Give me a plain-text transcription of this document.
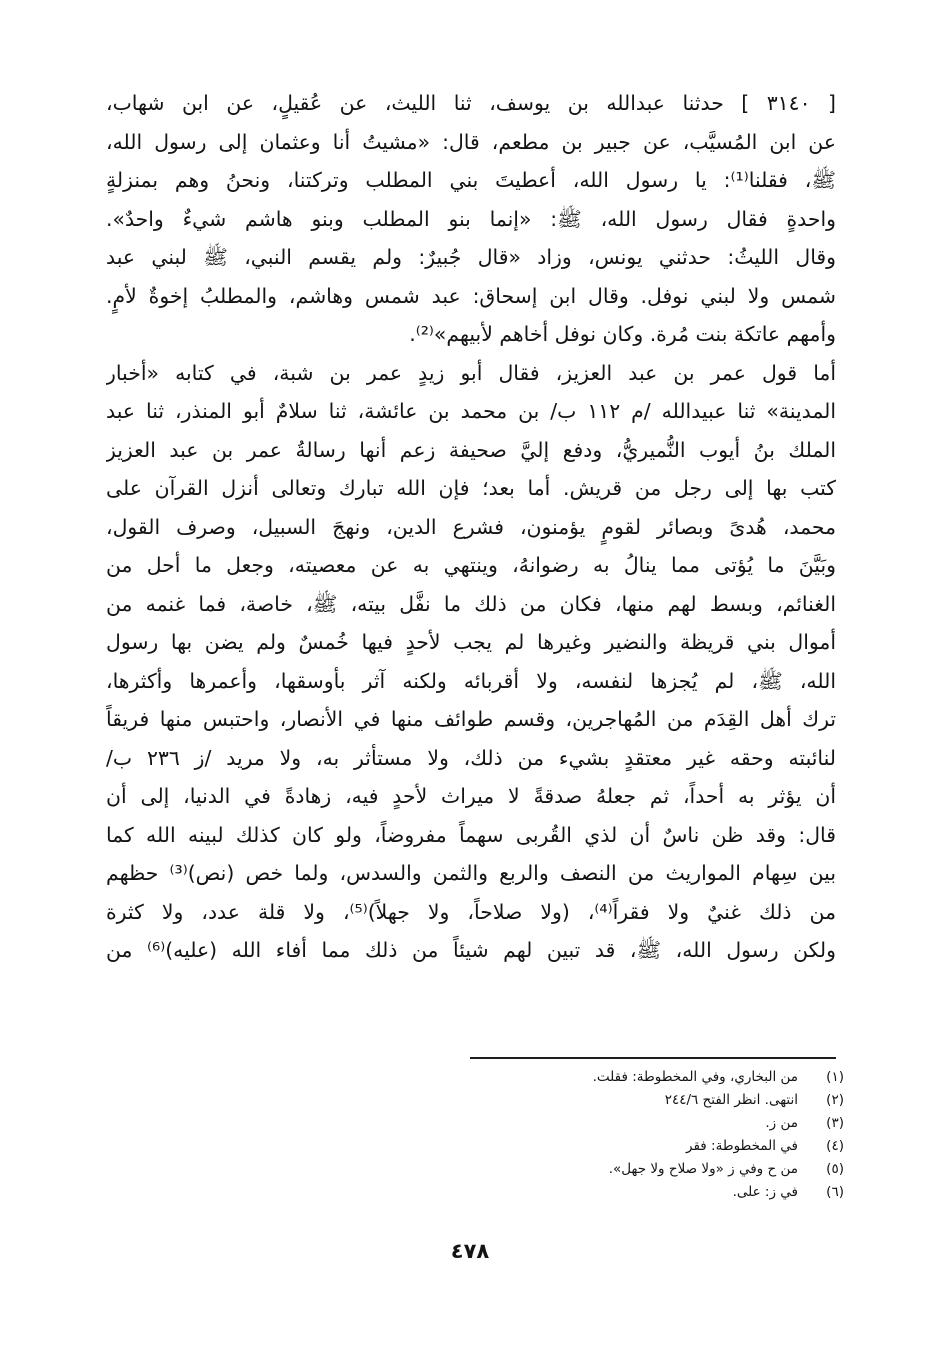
[ ٣١٤٠ ] حدثنا عبدالله بن يوسف، ثنا الليث، عن عُقيلٍ، عن ابن شهاب،
عن ابن المُسيَّب، عن جبير بن مطعم، قال: «مشيتُ أنا وعثمان إلى رسول الله،
ﷺ، فقلنا⁽¹⁾: يا رسول الله، أعطيتَ بني المطلب وتركتنا، ونحنُ وهم بمنزلةٍ
واحدةٍ فقال رسول الله، ﷺ: «إنما بنو المطلب وبنو هاشم شيءٌ واحدٌ».
وقال الليثُ: حدثني يونس، وزاد «قال جُبيرٌ: ولم يقسم النبي، ﷺ لبني عبد
شمس ولا لبني نوفل. وقال ابن إسحاق: عبد شمس وهاشم، والمطلبُ إخوةٌ لأمٍ.
وأمهم عاتكة بنت مُرة. وكان نوفل أخاهم لأبيهم»⁽²⁾.
أما قول عمر بن عبد العزيز، فقال أبو زيدٍ عمر بن شبة، في كتابه «أخبار
المدينة» ثنا عبيدالله /م ١١٢ ب/ بن محمد بن عائشة، ثنا سلامٌ أبو المنذر، ثنا عبد
الملك بنُ أيوب النُّميريُّ، ودفع إليَّ صحيفة زعم أنها رسالةُ عمر بن عبد العزيز
كتب بها إلى رجل من قريش. أما بعد؛ فإن الله تبارك وتعالى أنزل القرآن على
محمد، هُدىً وبصائر لقومٍ يؤمنون، فشرع الدين، ونهجَ السبيل، وصرف القول،
وبَيَّنَ ما يُؤتى مما ينالُ به رضوانهُ، وينتهي به عن معصيته، وجعل ما أحل من
الغنائم، وبسط لهم منها، فكان من ذلك ما نفَّل بيته، ﷺ، خاصة، فما غنمه من
أموال بني قريظة والنضير وغيرها لم يجب لأحدٍ فيها خُمسٌ ولم يضن بها رسول
الله، ﷺ، لم يُجزها لنفسه، ولا أقربائه ولكنه آثر بأوسقها، وأعمرها وأكثرها،
ترك أهل القِدَم من المُهاجرين، وقسم طوائف منها في الأنصار، واحتبس منها فريقاً
لنائبته وحقه غير معتقدٍ بشيء من ذلك، ولا مستأثر به، ولا مريد /ز ٢٣٦ ب/
أن يؤثر به أحداً، ثم جعلهُ صدقةً لا ميراث لأحدٍ فيه، زهادةً في الدنيا، إلى أن
قال: وقد ظن ناسٌ أن لذي القُربى سهماً مفروضاً، ولو كان كذلك لبينه الله كما
بين سِهام المواريث من النصف والربع والثمن والسدس، ولما خص (نص)⁽³⁾ حظهم
من ذلك غنيٌ ولا فقراً⁽⁴⁾، (ولا صلاحاً، ولا جهلاً)⁽⁵⁾، ولا قلة عدد، ولا كثرة
ولكن رسول الله، ﷺ، قد تبين لهم شيئاً من ذلك مما أفاء الله (عليه)⁽⁶⁾ من
(١)من البخاري، وفي المخطوطة: فقلت.
(٢)انتهى. انظر الفتح ٢٤٤/٦
(٣)من ز.
(٤)في المخطوطة: فقر
(٥)من ح وفي ز «ولا صلاح ولا جهل».
(٦)في ز: على.
٤٧٨
